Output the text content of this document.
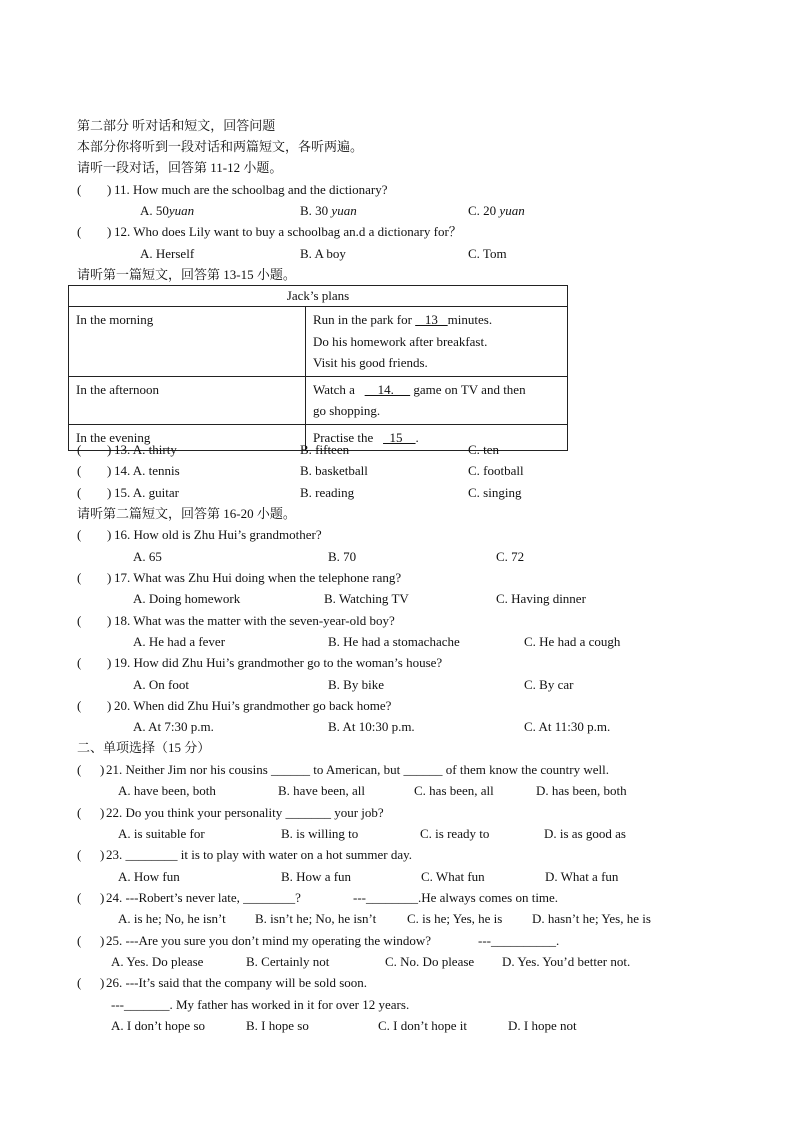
第二部分 听对话和短文，回答问题
本部分你将听到一段对话和两篇短文，各听两遍。
请听一段对话，回答第 11-12 小题。
( ) 11. How much are the schoolbag and the dictionary?
A. 50yuan	B. 30 yuan	C. 20 yuan
( ) 12. Who does Lily want to buy a schoolbag an.d a dictionary for？
A. Herself	B. A boy	C. Tom
请听第一篇短文，回答第 13-15 小题。
Jack’s plans	
In the morning	Run in the park for    13   minutes.
Do his homework after breakfast.
Visit his good friends.

In the afternoon	Watch a       14.      game on TV and then
go shopping.

In the evening	Practise the     15    .
( ) 13. A. thirty	B. fifteen	C. ten
( ) 14. A. tennis	B. basketball	C. football
( ) 15. A. guitar	B. reading	C. singing
请听第二篇短文，回答第 16-20 小题。
( ) 16. How old is Zhu Hui’s grandmother?
A. 65	B. 70	C. 72
( ) 17. What was Zhu Hui doing when the telephone rang?
A. Doing homework	B. Watching TV	C. Having dinner
( ) 18. What was the matter with the seven-year-old boy?
A. He had a fever	B. He had a stomachache	C. He had a cough
( ) 19. How did Zhu Hui’s grandmother go to the woman’s house?
A. On foot	B. By bike	C. By car
( ) 20. When did Zhu Hui’s grandmother go back home?
A. At 7:30 p.m.	B. At 10:30 p.m.	C. At 11:30 p.m.
二、单项选择（15 分）
( ) 21. Neither Jim nor his cousins ______ to American, but ______ of them know the country well.
A. have been, both	B. have been, all	C. has been, all	D. has been, both
( ) 22. Do you think your personality _______ your job?
A. is suitable for	B. is willing to	C. is ready to	D. is as good as
( ) 23. ________ it is to play with water on a hot summer day.
A. How fun	B. How a fun	C. What fun	D. What a fun
( ) 24. ---Robert’s never late, ________?	---________.He always comes on time.
A. is he; No, he isn’t B. isn’t he; No, he isn’t C. is he; Yes, he is D. hasn’t he; Yes, he is
( ) 25. ---Are you sure you don’t mind my operating the window?	---__________.
A. Yes. Do please	B. Certainly not	C. No. Do please D. Yes. You’d better not.
( ) 26. ---It’s said that the company will be sold soon.
---_______. My father has worked in it for over 12 years.
A. I don’t hope so	B. I hope so	C. I don’t hope it	D. I hope not
